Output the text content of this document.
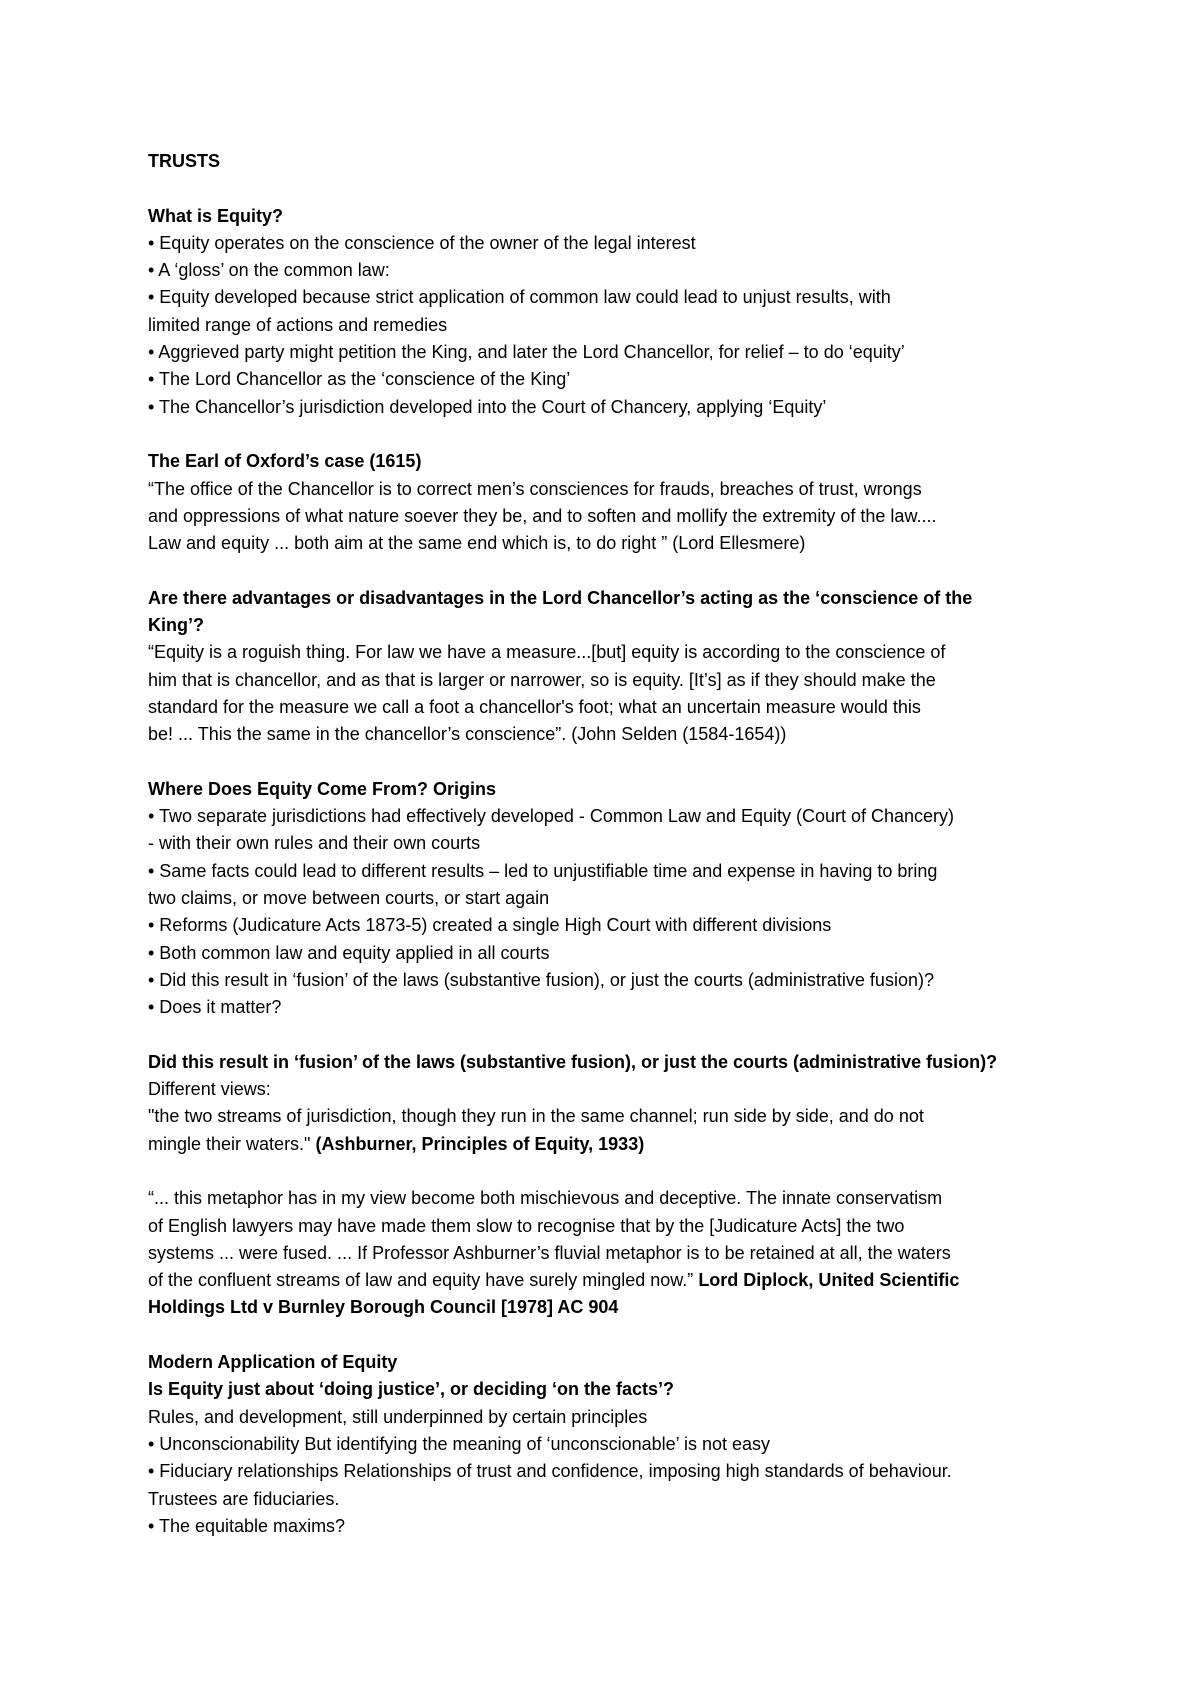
TRUSTS
What is Equity?
• Equity operates on the conscience of the owner of the legal interest
• A ‘gloss’ on the common law:
• Equity developed because strict application of common law could lead to unjust results, with
limited range of actions and remedies
• Aggrieved party might petition the King, and later the Lord Chancellor, for relief – to do ‘equity’
• The Lord Chancellor as the ‘conscience of the King’
• The Chancellor’s jurisdiction developed into the Court of Chancery, applying ‘Equity’
The Earl of Oxford’s case (1615)
“The office of the Chancellor is to correct men’s consciences for frauds, breaches of trust, wrongs
and oppressions of what nature soever they be, and to soften and mollify the extremity of the law....
Law and equity ... both aim at the same end which is, to do right ” (Lord Ellesmere)
Are there advantages or disadvantages in the Lord Chancellor’s acting as the ‘conscience of the
King’?
“Equity is a roguish thing. For law we have a measure...[but] equity is according to the conscience of
him that is chancellor, and as that is larger or narrower, so is equity. [It’s] as if they should make the
standard for the measure we call a foot a chancellor's foot; what an uncertain measure would this
be! ... This the same in the chancellor’s conscience”. (John Selden (1584-1654))
Where Does Equity Come From? Origins
• Two separate jurisdictions had effectively developed - Common Law and Equity (Court of Chancery)
- with their own rules and their own courts
• Same facts could lead to different results – led to unjustifiable time and expense in having to bring
two claims, or move between courts, or start again
• Reforms (Judicature Acts 1873-5) created a single High Court with different divisions
• Both common law and equity applied in all courts
• Did this result in ‘fusion’ of the laws (substantive fusion), or just the courts (administrative fusion)?
• Does it matter?
Did this result in ‘fusion’ of the laws (substantive fusion), or just the courts (administrative fusion)?
Different views:
"the two streams of jurisdiction, though they run in the same channel; run side by side, and do not
mingle their waters." (Ashburner, Principles of Equity, 1933)
“... this metaphor has in my view become both mischievous and deceptive. The innate conservatism
of English lawyers may have made them slow to recognise that by the [Judicature Acts] the two
systems ... were fused. ... If Professor Ashburner’s fluvial metaphor is to be retained at all, the waters
of the confluent streams of law and equity have surely mingled now.” Lord Diplock, United Scientific
Holdings Ltd v Burnley Borough Council [1978] AC 904
Modern Application of Equity
Is Equity just about ‘doing justice’, or deciding ‘on the facts’?
Rules, and development, still underpinned by certain principles
• Unconscionability But identifying the meaning of ‘unconscionable’ is not easy
• Fiduciary relationships Relationships of trust and confidence, imposing high standards of behaviour.
Trustees are fiduciaries.
• The equitable maxims?
